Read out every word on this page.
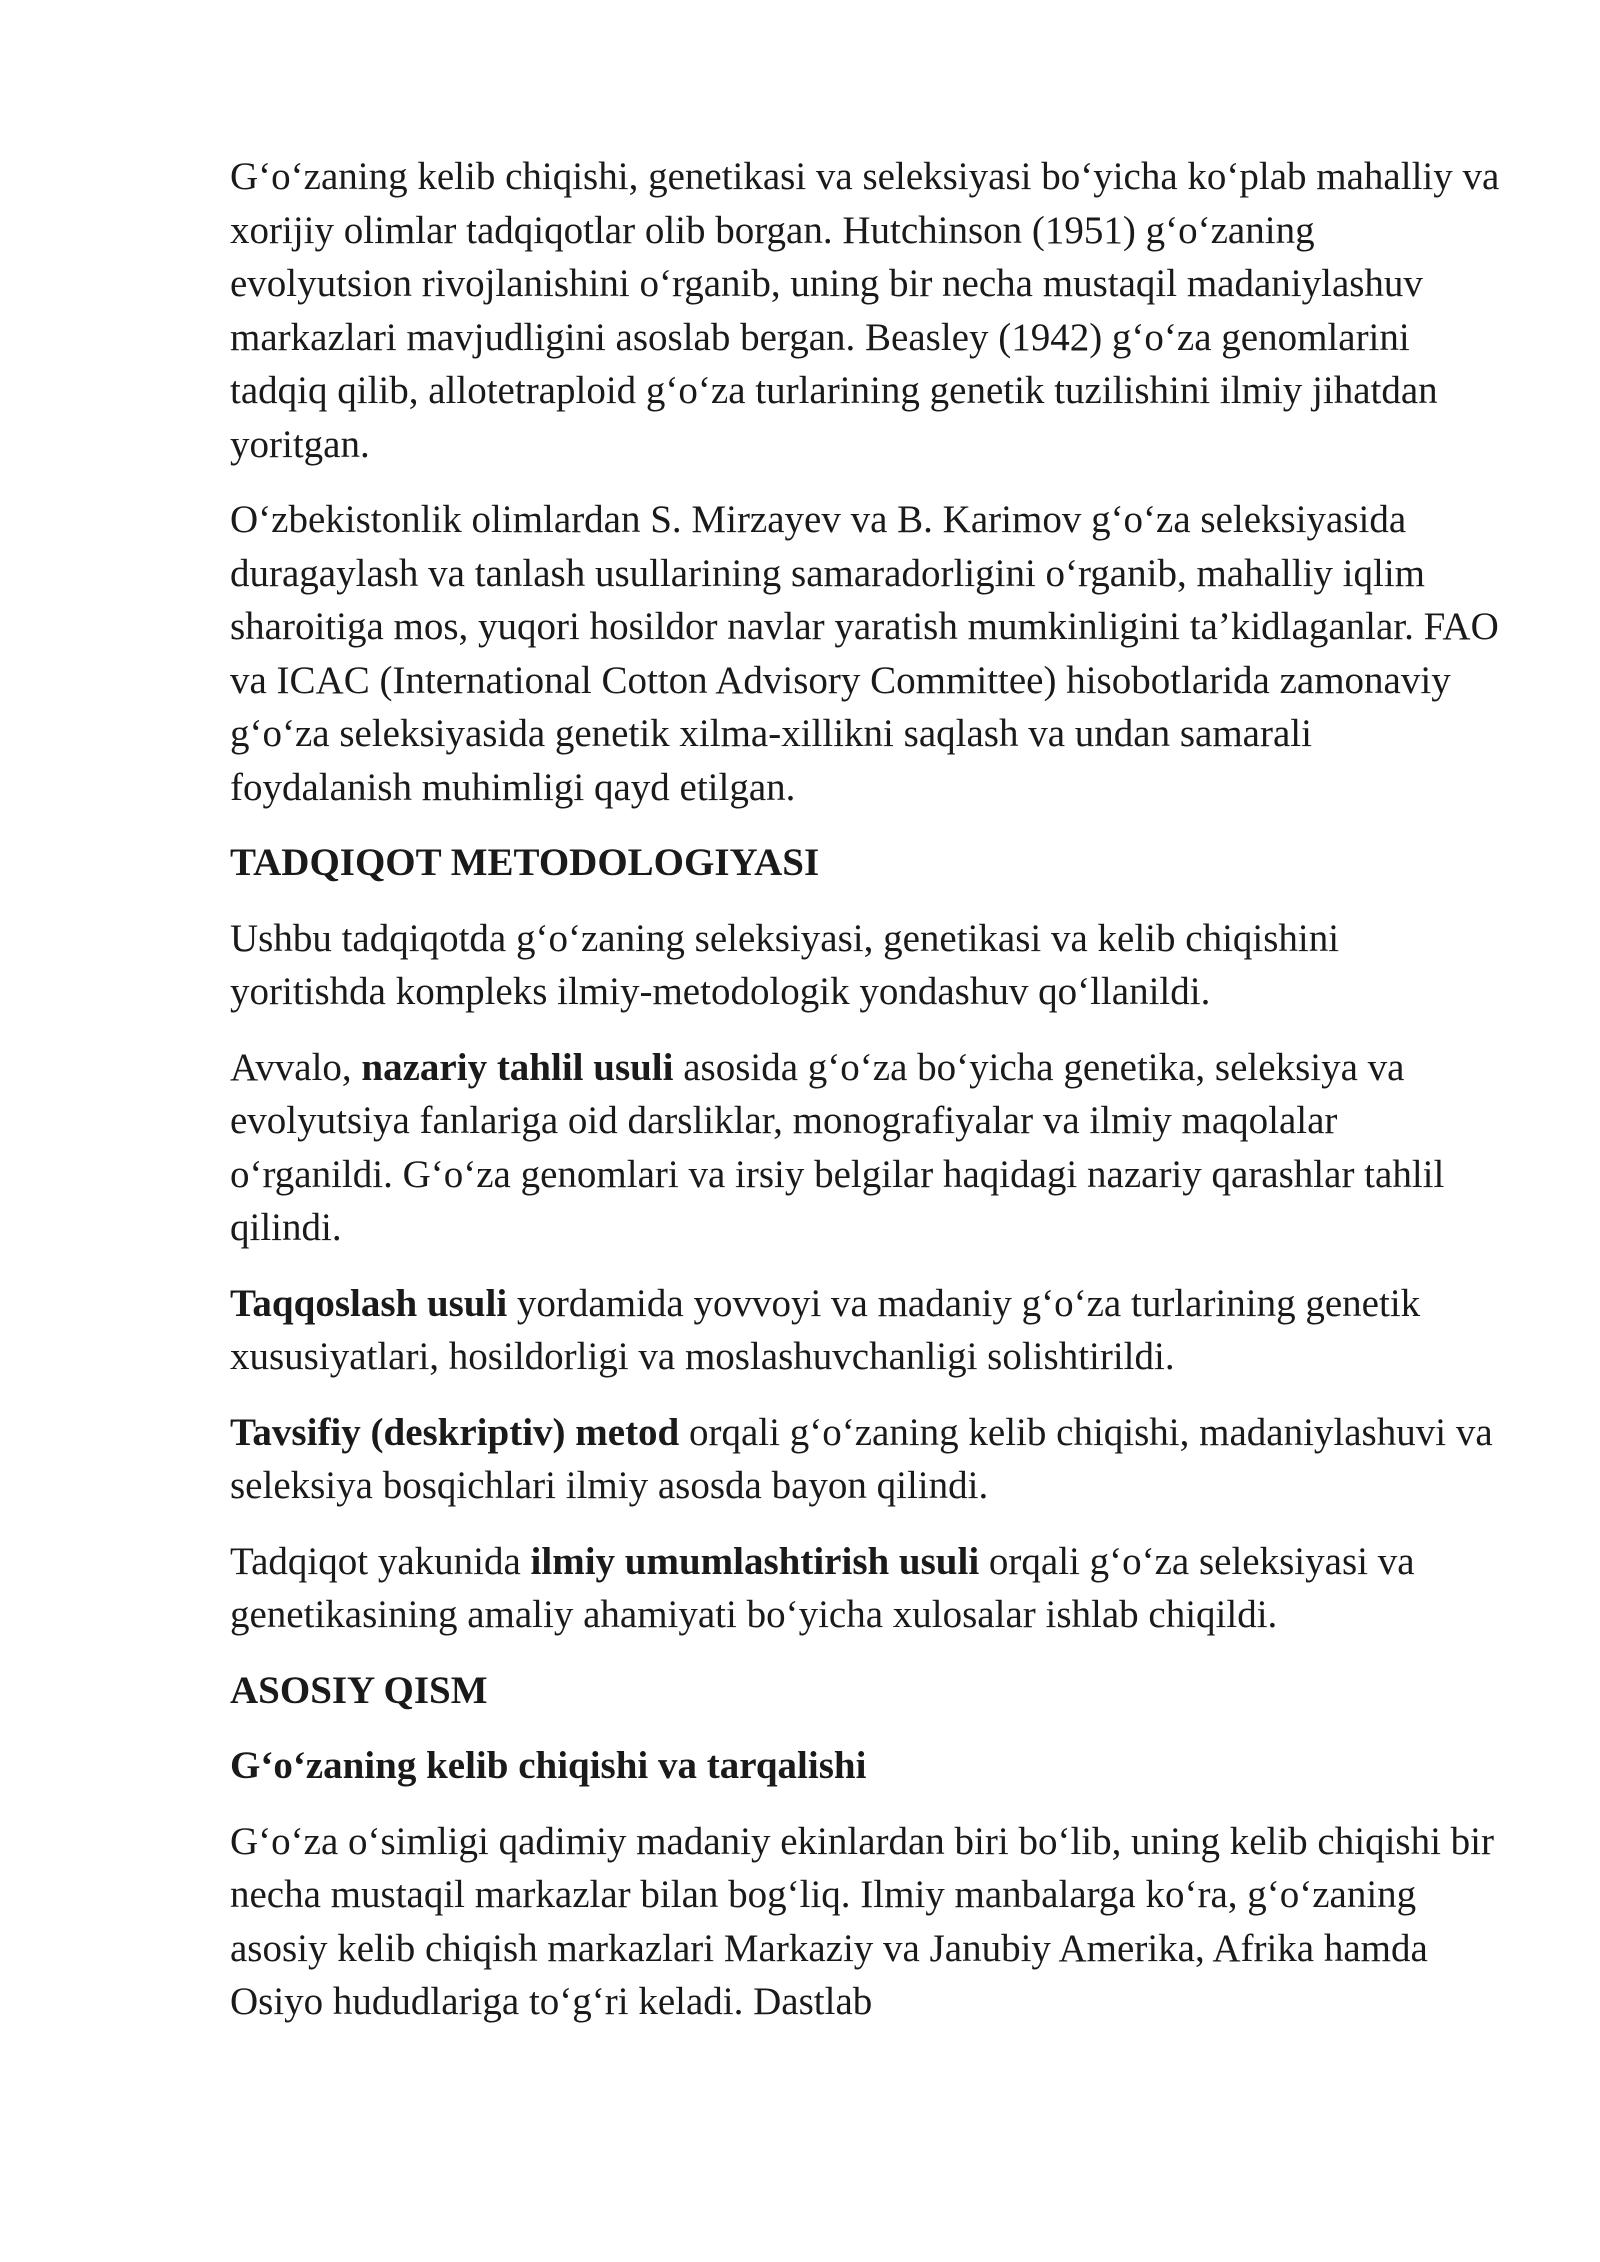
G‘o‘zaning kelib chiqishi, genetikasi va seleksiyasi bo‘yicha ko‘plab mahalliy va xorijiy olimlar tadqiqotlar olib borgan. Hutchinson (1951) g‘o‘zaning evolyutsion rivojlanishini o‘rganib, uning bir necha mustaqil madaniylashuv markazlari mavjudligini asoslab bergan. Beasley (1942) g‘o‘za genomlarini tadqiq qilib, allotetraploid g‘o‘za turlarining genetik tuzilishini ilmiy jihatdan yoritgan.

O‘zbekistonlik olimlardan S. Mirzayev va B. Karimov g‘o‘za seleksiyasida duragaylash va tanlash usullarining samaradorligini o‘rganib, mahalliy iqlim sharoitiga mos, yuqori hosildor navlar yaratish mumkinligini ta’kidlaganlar. FAO va ICAC (International Cotton Advisory Committee) hisobotlarida zamonaviy g‘o‘za seleksiyasida genetik xilma-xillikni saqlash va undan samarali foydalanish muhimligi qayd etilgan.

TADQIQOT METODOLOGIYASI

Ushbu tadqiqotda g‘o‘zaning seleksiyasi, genetikasi va kelib chiqishini yoritishda kompleks ilmiy-metodologik yondashuv qo‘llanildi.

Avvalo, nazariy tahlil usuli asosida g‘o‘za bo‘yicha genetika, seleksiya va evolyutsiya fanlariga oid darsliklar, monografiyalar va ilmiy maqolalar o‘rganildi. G‘o‘za genomlari va irsiy belgilar haqidagi nazariy qarashlar tahlil qilindi.

Taqqoslash usuli yordamida yovvoyi va madaniy g‘o‘za turlarining genetik xususiyatlari, hosildorligi va moslashuvchanligi solishtirildi.

Tavsifiy (deskriptiv) metod orqali g‘o‘zaning kelib chiqishi, madaniylashuvi va seleksiya bosqichlari ilmiy asosda bayon qilindi.

Tadqiqot yakunida ilmiy umumlashtirish usuli orqali g‘o‘za seleksiyasi va genetikasining amaliy ahamiyati bo‘yicha xulosalar ishlab chiqildi.

ASOSIY QISM
G‘o‘zaning kelib chiqishi va tarqalishi

G‘o‘za o‘simligi qadimiy madaniy ekinlardan biri bo‘lib, uning kelib chiqishi bir necha mustaqil markazlar bilan bog‘liq. Ilmiy manbalarga ko‘ra, g‘o‘zaning asosiy kelib chiqish markazlari Markaziy va Janubiy Amerika, Afrika hamda Osiyo hududlariga to‘g‘ri keladi. Dastlab
